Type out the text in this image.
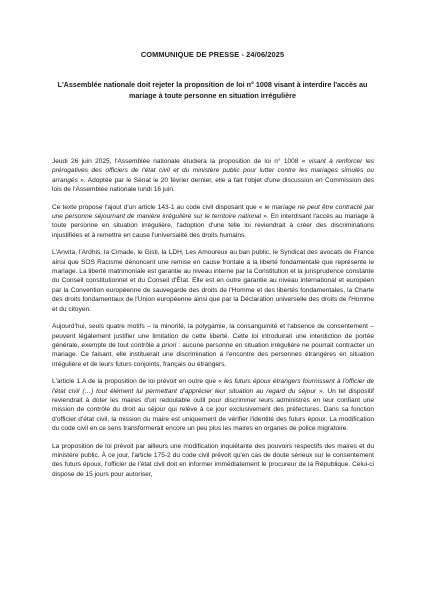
COMMUNIQUE DE PRESSE - 24/06/2025
L'Assemblée nationale doit rejeter la proposition de loi n° 1008 visant à interdire l'accès au mariage à toute personne en situation irrégulière

Jeudi 26 juin 2025, l'Assemblée nationale étudiera la proposition de loi n° 1008 « visant à renforcer les prérogatives des officiers de l'état civil et du ministère public pour lutter contre les mariages simulés ou arrangés ». Adoptée par le Sénat le 20 février dernier, elle a fait l'objet d'une discussion en Commission des lois de l'Assemblée nationale lundi 16 juin.

Ce texte propose l'ajout d'un article 143-1 au code civil disposant que « le mariage ne peut être contracté par une personne séjournant de manière irrégulière sur le territoire national ». En interdisant l'accès au mariage à toute personne en situation irrégulière, l'adoption d'une telle loi reviendrait à créer des discriminations injustifiées et à remettre en cause l'universalité des droits humains.

L'Anvita, l'Ardhis, la Cimade, le Gisti, la LDH, Les Amoureux au ban public, le Syndicat des avocats de France ainsi que SOS Racisme dénoncent une remise en cause frontale à la liberté fondamentale que représente le mariage. La liberté matrimoniale est garantie au niveau interne par la Constitution et la jurisprudence constante du Conseil constitutionnel et du Conseil d'État. Elle est en outre garantie au niveau international et européen par la Convention européenne de sauvegarde des droits de l'Homme et des libertés fondamentales, la Charte des droits fondamentaux de l'Union européenne ainsi que par la Déclaration universelle des droits de l'Homme et du citoyen.

Aujourd'hui, seuls quatre motifs – la minorité, la polygamie, la consanguinité et l'absence de consentement – peuvent légalement justifier une limitation de cette liberté. Cette loi introduirait une interdiction de portée générale, exempte de tout contrôle a priori : aucune personne en situation irrégulière ne pourrait contracter un mariage. Ce faisant, elle instituerait une discrimination à l'encontre des personnes étrangères en situation irrégulière et de leurs futurs conjoints, français ou étrangers.

L'article 1.A de la proposition de loi prévoit en outre que « les futurs époux étrangers fournissent à l'officier de l'état civil (…) tout élément lui permettant d'apprécier leur situation au regard du séjour ». Un tel dispositif reviendrait à doter les maires d'un redoutable outil pour discriminer leurs administrés en leur confiant une mission de contrôle du droit au séjour qui relève à ce jour exclusivement des préfectures. Dans sa fonction d'officier d'état civil, la mission du maire est uniquement de vérifier l'identité des futurs époux. La modification du code civil en ce sens transformerait encore un peu plus les maires en organes de police migratoire.

La proposition de loi prévoit par ailleurs une modification inquiétante des pouvoirs respectifs des maires et du ministère public. À ce jour, l'article 175-2 du code civil prévoit qu'en cas de doute sérieux sur le consentement des futurs époux, l'officier de l'état civil doit en informer immédiatement le procureur de la République. Celui-ci dispose de 15 jours pour autoriser,
